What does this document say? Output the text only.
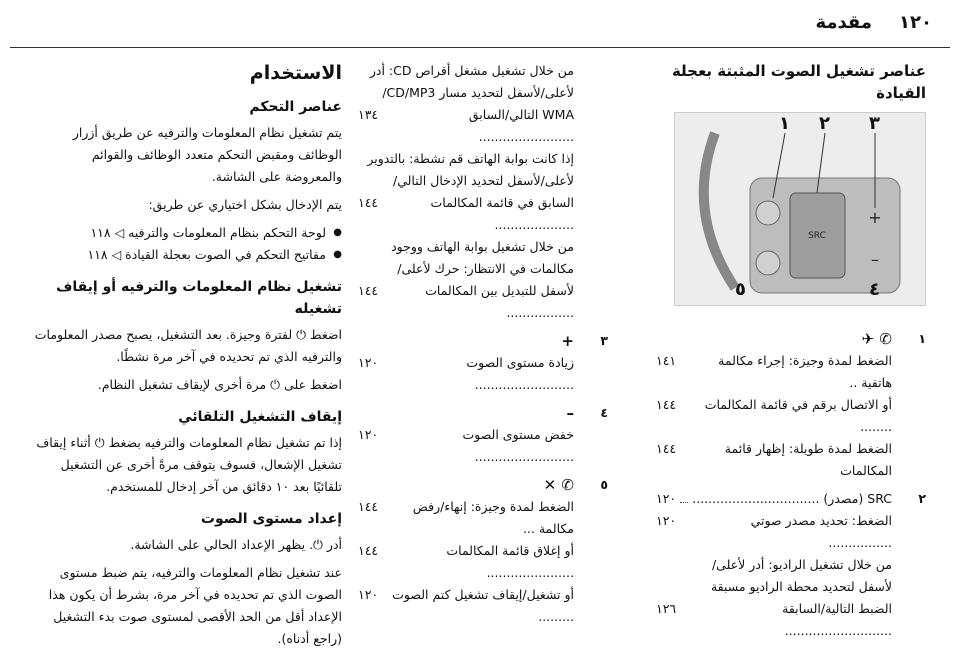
١٢٠
مقدمة
عناصر تشغيل الصوت المثبتة بعجلة القيادة
SRC
+
–
١ ٢ ٣
٤
٥
١
✆ ✈
الضغط لمدة وجيزة: إجراء مكالمة هاتفية ..
١٤١
أو الاتصال برقم في قائمة المكالمات ........
١٤٤
الضغط لمدة طويلة: إظهار قائمة المكالمات
١٤٤
٢
SRC (مصدر) ................................
١٢٠
الضغط: تحديد مصدر صوتي ................
١٢٠
من خلال تشغيل الراديو: أدر لأعلى/
لأسفل لتحديد محطة الراديو مسبقة
الضبط التالية/السابقة ...........................
١٢٦
من خلال تشغيل مشغل أقراص CD: أدر
لأعلى/لأسفل لتحديد مسار CD/MP3/
WMA التالي/السابق ........................
١٣٤
إذا كانت بوابة الهاتف قم نشطة: بالتدوير
لأعلى/لأسفل لتحديد الإدخال التالي/
السابق في قائمة المكالمات ....................
١٤٤
من خلال تشغيل بوابة الهاتف ووجود
مكالمات في الانتظار: حرك لأعلى/
لأسفل للتبديل بين المكالمات .................
١٤٤
٣
+
زيادة مستوى الصوت .........................
١٢٠
٤
–
خفض مستوى الصوت .........................
١٢٠
٥
✆ ✕
الضغط لمدة وجيزة: إنهاء/رفض مكالمة ...
١٤٤
أو إغلاق قائمة المكالمات ......................
١٤٤
أو تشغيل/إيقاف تشغيل كتم الصوت .........
١٢٠
الاستخدام
عناصر التحكم

يتم تشغيل نظام المعلومات والترفيه عن طريق أزرار الوظائف ومقبض التحكم متعدد الوظائف والقوائم والمعروضة على الشاشة.

يتم الإدخال بشكل اختياري عن طريق:

● لوحة التحكم بنظام المعلومات والترفيه ◁ ١١٨
● مفاتيح التحكم في الصوت بعجلة القيادة ◁ ١١٨
تشغيل نظام المعلومات والترفيه أو إيقاف تشغيله

اضغط ⏻ لفترة وجيزة. بعد التشغيل، يصبح مصدر المعلومات والترفيه الذي تم تحديده في آخر مرة نشطًا.

اضغط على ⏻ مرة أخرى لإيقاف تشغيل النظام.

إيقاف التشغيل التلقائي

إذا تم تشغيل نظام المعلومات والترفيه بضغط ⏻ أثناء إيقاف تشغيل الإشعال، فسوف يتوقف مرةً أخرى عن التشغيل تلقائيًا بعد ١٠ دقائق من آخر إدخال للمستخدم.

إعداد مستوى الصوت

أدر ⏻. يظهر الإعداد الحالي على الشاشة.

عند تشغيل نظام المعلومات والترفيه، يتم ضبط مستوى الصوت الذي تم تحديده في آخر مرة، بشرط أن يكون هذا الإعداد أقل من الحد الأقصى لمستوى صوت بدء التشغيل (راجع أدناه).
